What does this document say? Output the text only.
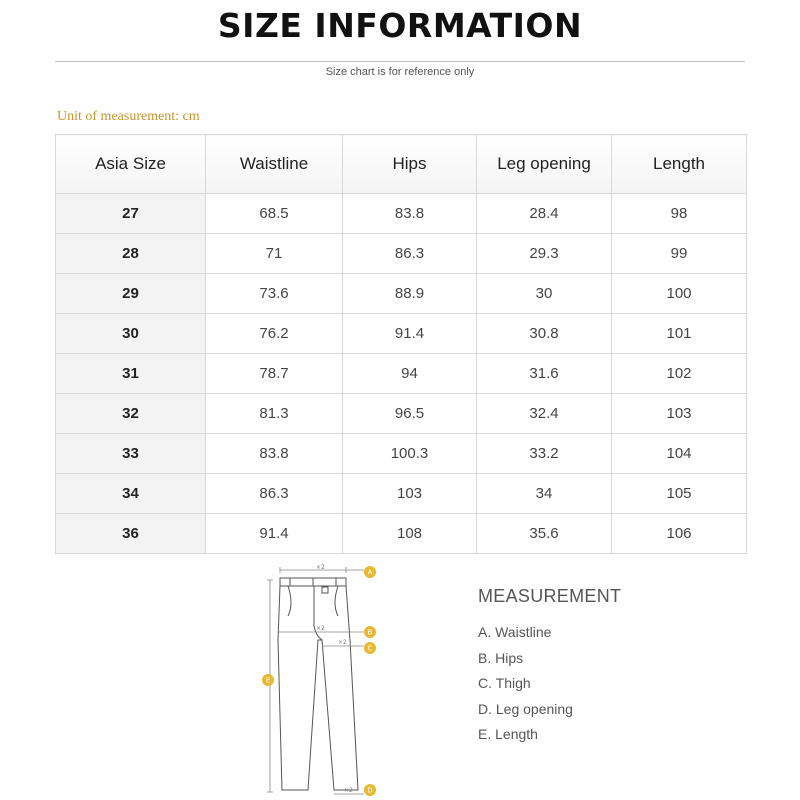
SIZE INFORMATION
Size chart is for reference only
Unit of measurement: cm
Asia Size	Waistline	Hips	Leg opening	Length
27	68.5	83.8	28.4	98
28	71	86.3	29.3	99
29	73.6	88.9	30	100
30	76.2	91.4	30.8	101
31	78.7	94	31.6	102
32	81.3	96.5	32.4	103
33	83.8	100.3	33.2	104
34	86.3	103	34	105
36	91.4	108	35.6	106
×2
×2
×2
×2
A
B
C
D
E
MEASUREMENT
A. Waistline
B. Hips
C. Thigh
D. Leg opening
E. Length
